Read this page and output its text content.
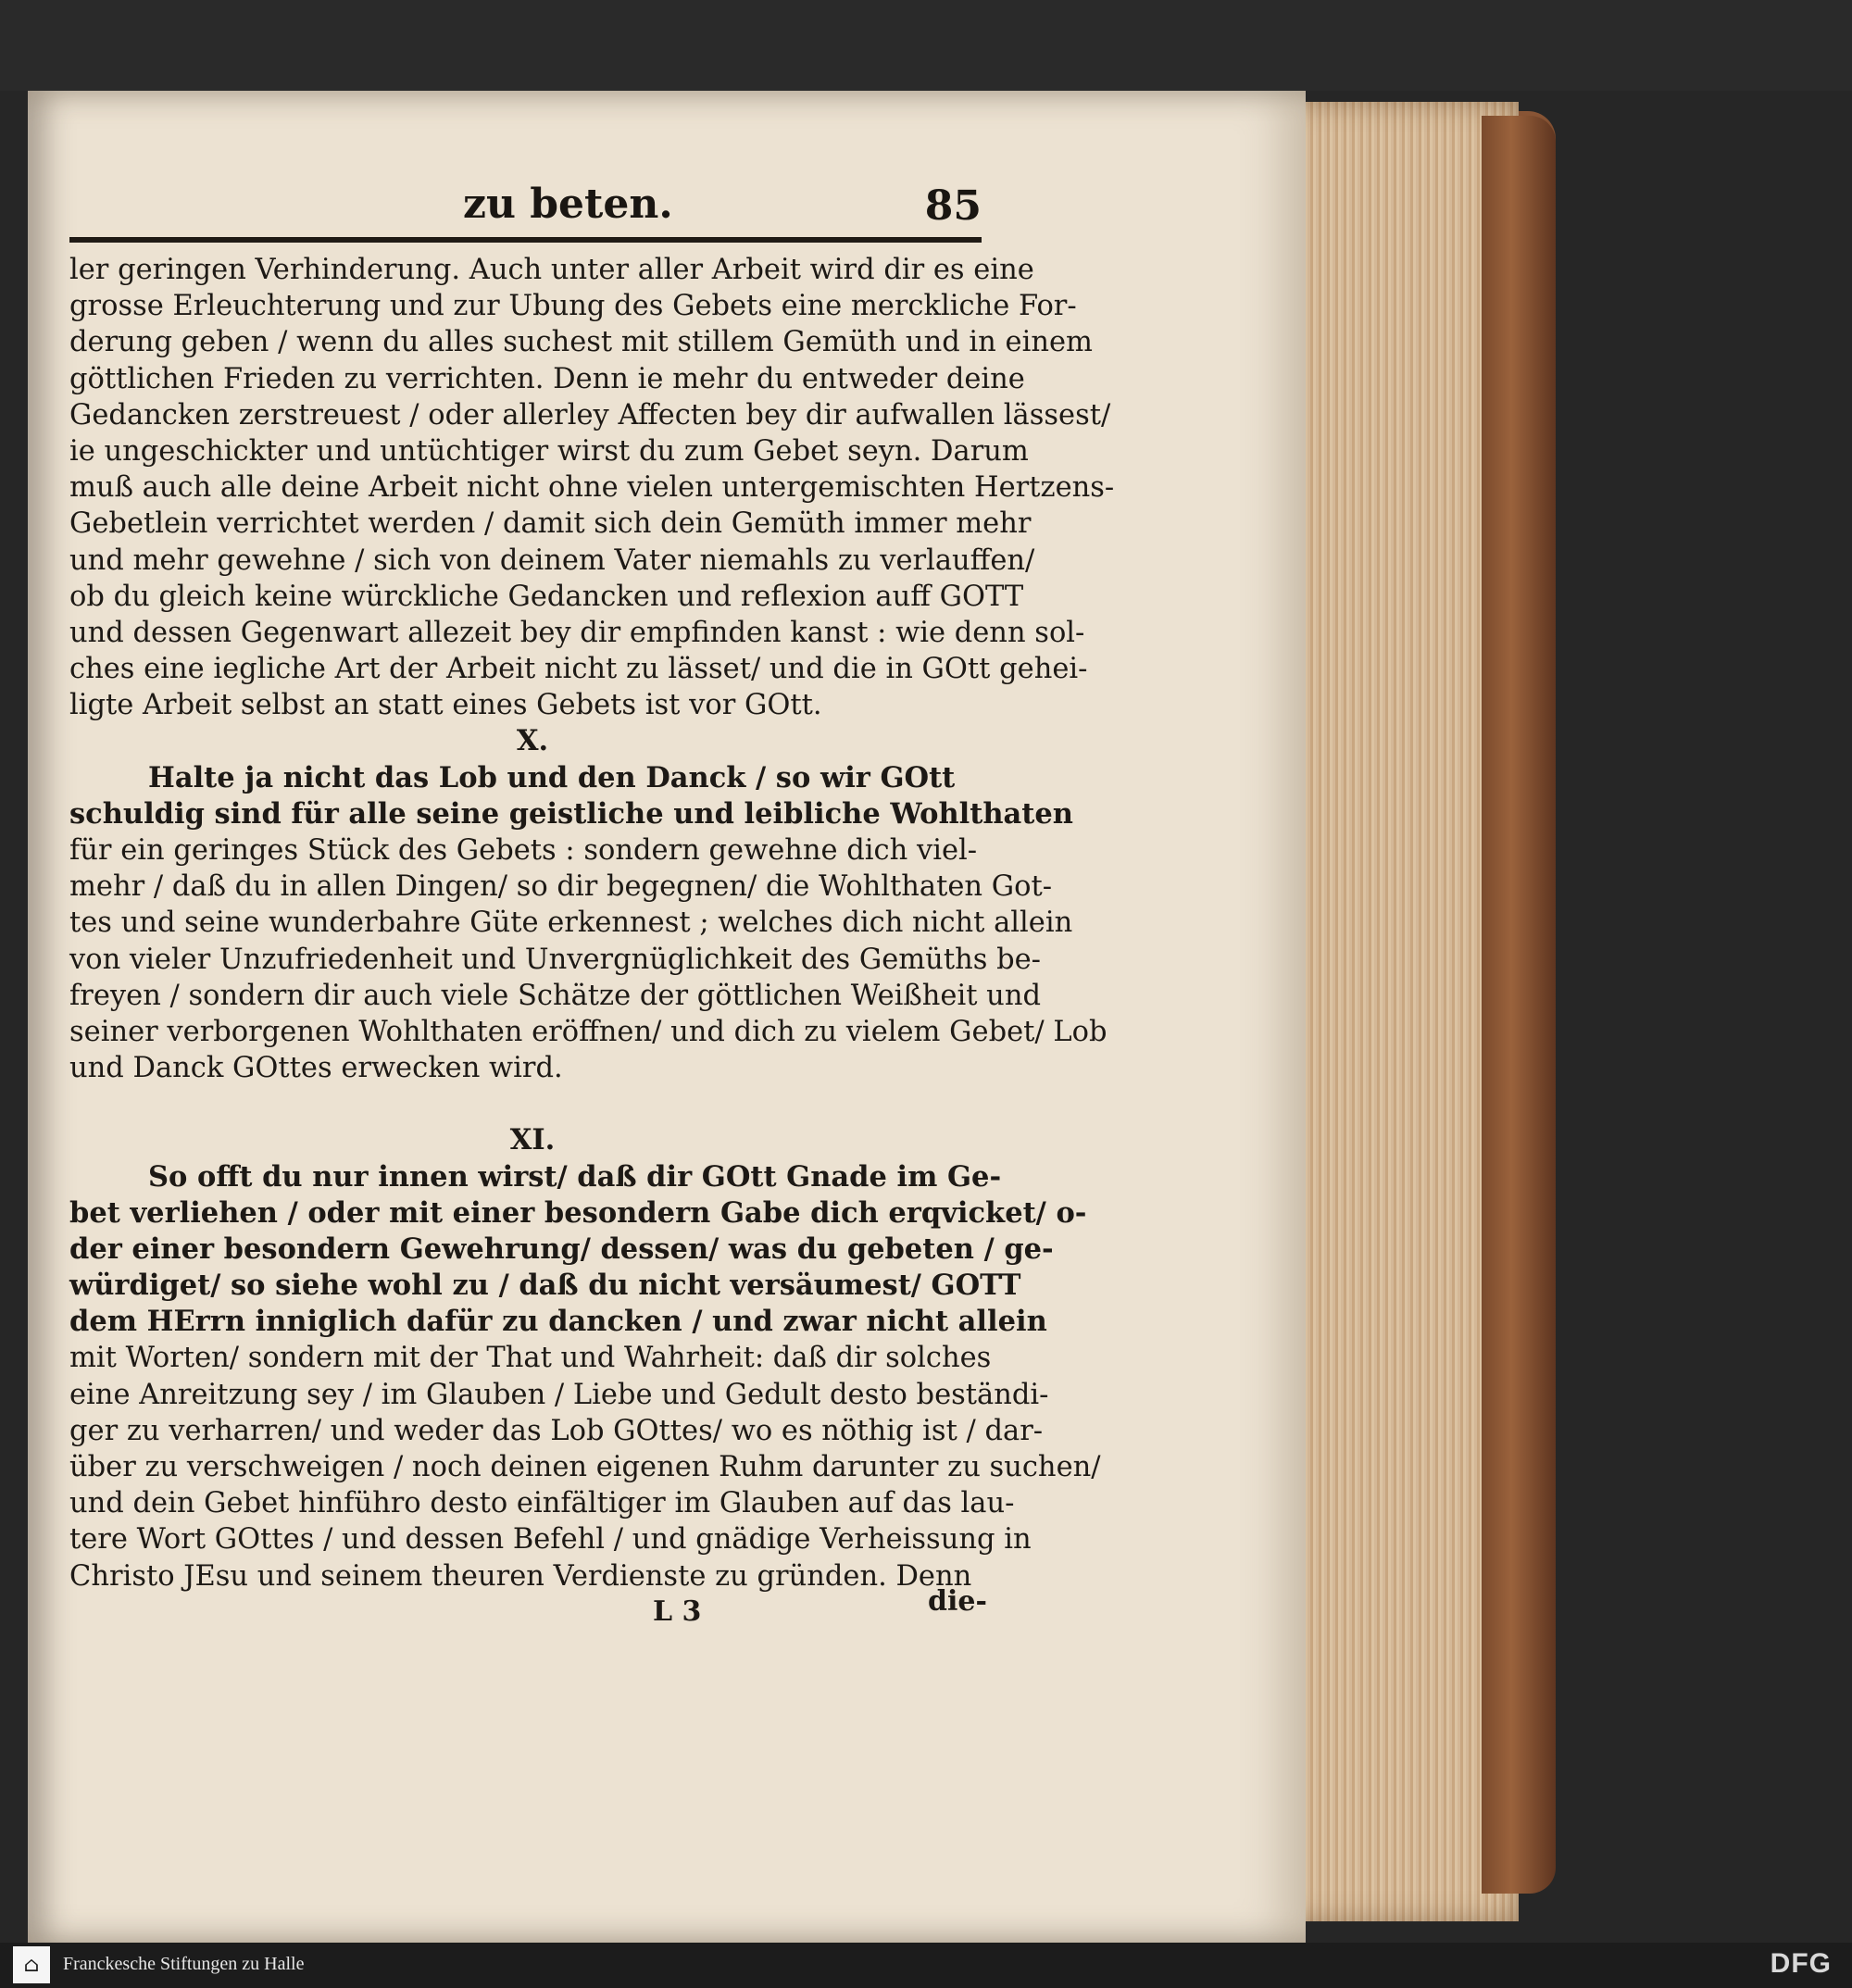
zu beten.	85
ler geringen Verhinderung. Auch unter aller Arbeit wird dir es eine
grosse Erleuchterung und zur Ubung des Gebets eine merckliche For-
derung geben / wenn du alles suchest mit stillem Gemüth und in einem
göttlichen Frieden zu verrichten. Denn ie mehr du entweder deine
Gedancken zerstreuest / oder allerley Affecten bey dir aufwallen lässest/
ie ungeschickter und untüchtiger wirst du zum Gebet seyn. Darum
muß auch alle deine Arbeit nicht ohne vielen untergemischten Hertzens-
Gebetlein verrichtet werden / damit sich dein Gemüth immer mehr
und mehr gewehne / sich von deinem Vater niemahls zu verlauffen/
ob du gleich keine würckliche Gedancken und reflexion auff GOTT
und dessen Gegenwart allezeit bey dir empfinden kanst : wie denn sol-
ches eine iegliche Art der Arbeit nicht zu lässet/ und die in GOtt gehei-
ligte Arbeit selbst an statt eines Gebets ist vor GOtt.
X.
Halte ja nicht das Lob und den Danck / so wir GOtt
schuldig sind für alle seine geistliche und leibliche Wohlthaten
für ein geringes Stück des Gebets : sondern gewehne dich viel-
mehr / daß du in allen Dingen/ so dir begegnen/ die Wohlthaten Got-
tes und seine wunderbahre Güte erkennest ; welches dich nicht allein
von vieler Unzufriedenheit und Unvergnüglichkeit des Gemüths be-
freyen / sondern dir auch viele Schätze der göttlichen Weißheit und
seiner verborgenen Wohlthaten eröffnen/ und dich zu vielem Gebet/ Lob
und Danck GOttes erwecken wird.
XI.
So offt du nur innen wirst/ daß dir GOtt Gnade im Ge-
bet verliehen / oder mit einer besondern Gabe dich erqvicket/ o-
der einer besondern Gewehrung/ dessen/ was du gebeten / ge-
würdiget/ so siehe wohl zu / daß du nicht versäumest/ GOTT
dem HErrn inniglich dafür zu dancken / und zwar nicht allein
mit Worten/ sondern mit der That und Wahrheit: daß dir solches
eine Anreitzung sey / im Glauben / Liebe und Gedult desto beständi-
ger zu verharren/ und weder das Lob GOttes/ wo es nöthig ist / dar-
über zu verschweigen / noch deinen eigenen Ruhm darunter zu suchen/
und dein Gebet hinführo desto einfältiger im Glauben auf das lau-
tere Wort GOttes / und dessen Befehl / und gnädige Verheissung in
Christo JEsu und seinem theuren Verdienste zu gründen. Denn
L 3	die-
⌂	Franckesche Stiftungen zu Halle	DFG
